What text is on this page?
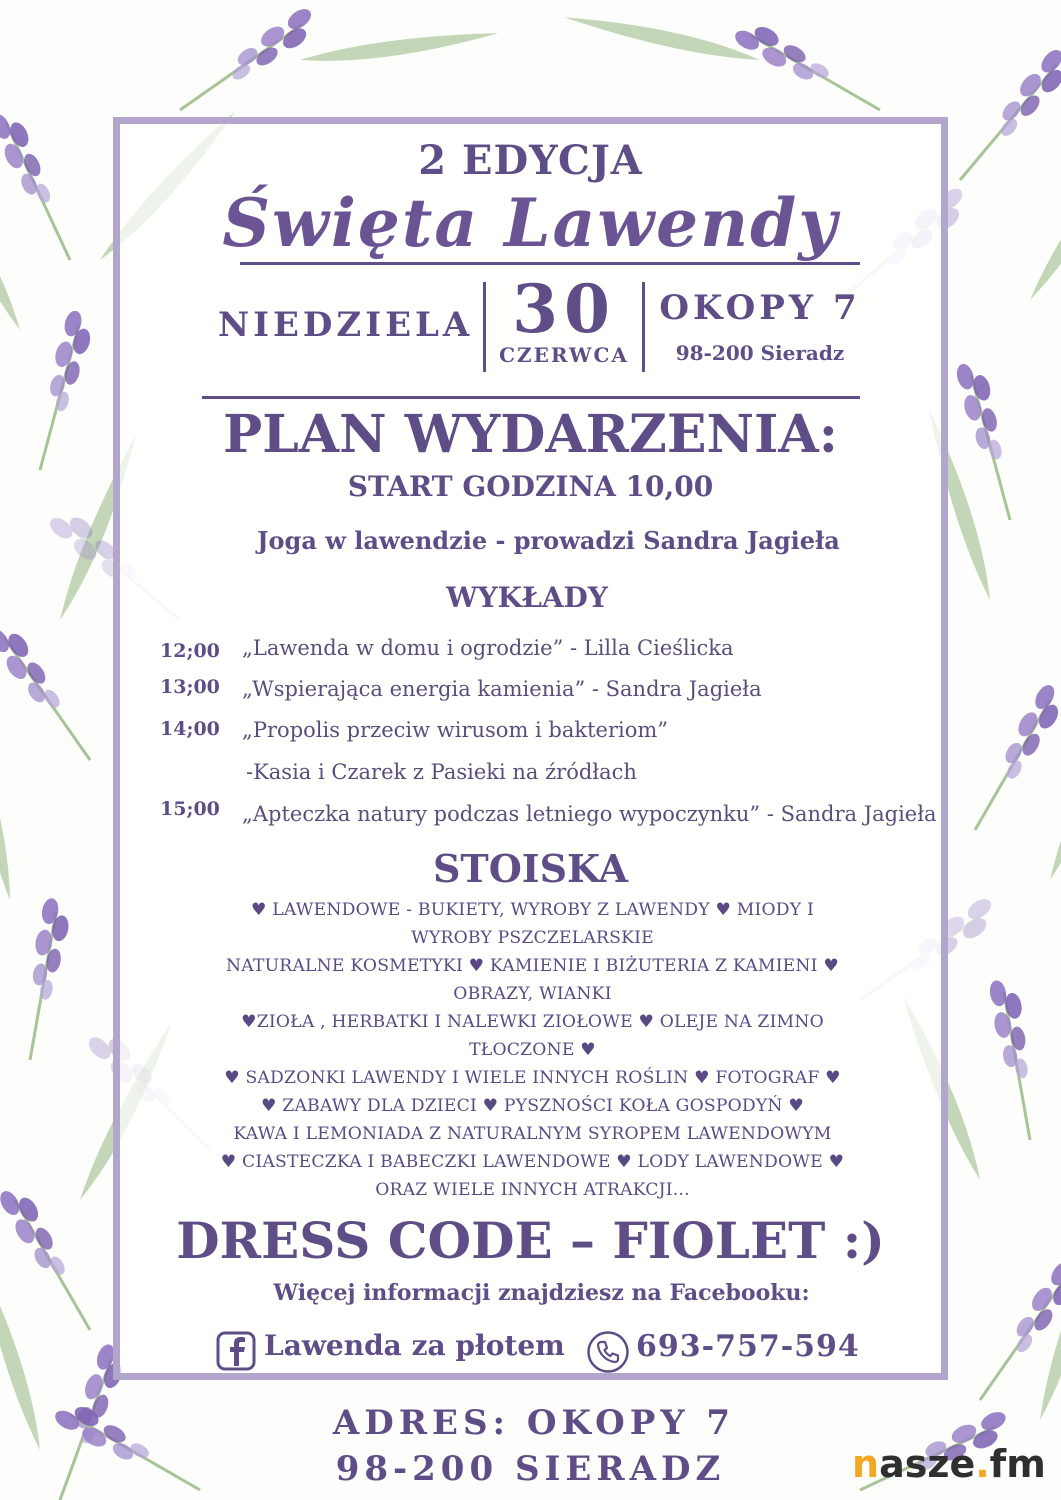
2 EDYCJA
Święta Lawendy
NIEDZIELA 30
CZERWCA
OKOPY 7
98-200 Sieradz
PLAN WYDARZENIA:
START GODZINA 10,00
Joga w lawendzie - prowadzi Sandra Jagieła
WYKŁADY
12;00	„Lawenda w domu i ogrodzie” - Lilla Cieślicka
13;00	„Wspierająca energia kamienia” - Sandra Jagieła
14;00	„Propolis przeciw wirusom i bakteriom”
-Kasia i Czarek z Pasieki na źródłach
15;00	„Apteczka natury podczas letniego wypoczynku” - Sandra Jagieła
STOISKA
♥ LAWENDOWE - BUKIETY, WYROBY Z LAWENDY ♥ MIODY I
WYROBY PSZCZELARSKIE
NATURALNE KOSMETYKI ♥ KAMIENIE I BIŻUTERIA Z KAMIENI ♥
OBRAZY, WIANKI
♥ZIOŁA , HERBATKI I NALEWKI ZIOŁOWE ♥ OLEJE NA ZIMNO
TŁOCZONE ♥
♥ SADZONKI LAWENDY I WIELE INNYCH ROŚLIN ♥ FOTOGRAF ♥
♥ ZABAWY DLA DZIECI ♥ PYSZNOŚCI KOŁA GOSPODYŃ ♥
KAWA I LEMONIADA Z NATURALNYM SYROPEM LAWENDOWYM
♥ CIASTECZKA I BABECZKI LAWENDOWE ♥ LODY LAWENDOWE ♥
ORAZ WIELE INNYCH ATRAKCJI...
DRESS CODE – FIOLET :)
Więcej informacji znajdziesz na Facebooku:
Lawenda za płotem 693-757-594
ADRES: OKOPY 7
98-200 SIERADZ	nasze.fm
